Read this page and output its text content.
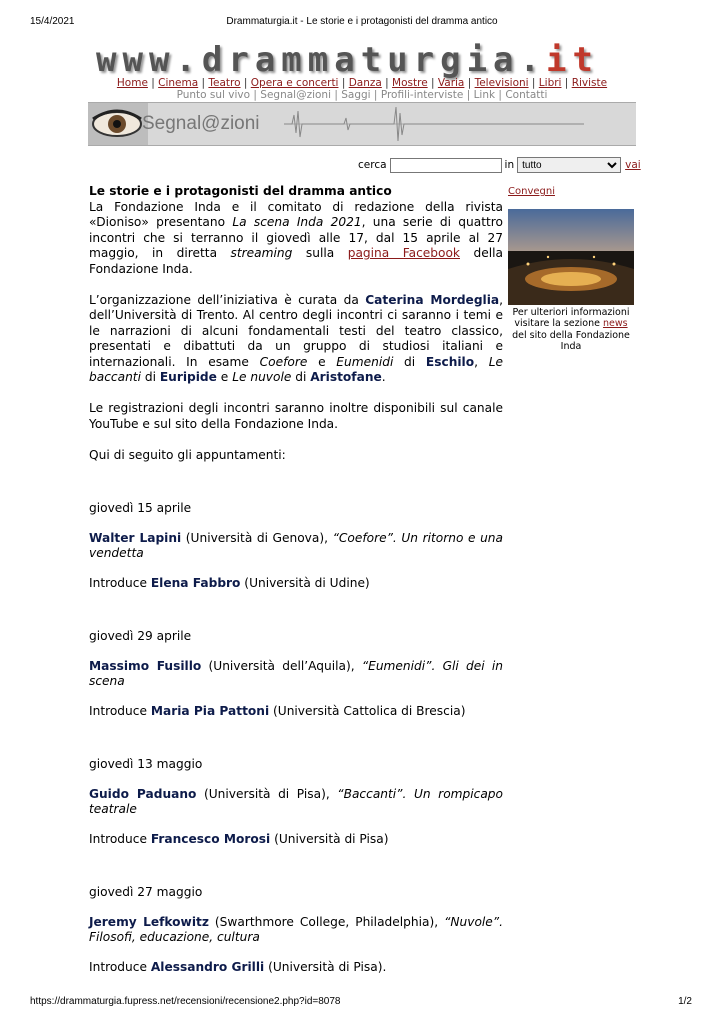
15/4/2021	Drammaturgia.it - Le storie e i protagonisti del dramma antico
www.drammaturgia.it
Home | Cinema | Teatro | Opera e concerti | Danza | Mostre | Varia | Televisioni | Libri | Riviste
Punto sul vivo | Segnal@zioni | Saggi | Profili-interviste | Link | Contatti
Segnal@zioni
cerca	in
tutto	vai
Le storie e i protagonisti del dramma antico

La Fondazione Inda e il comitato di redazione della rivista «Dioniso» presentano La scena Inda 2021, una serie di quattro incontri che si terranno il giovedì alle 17, dal 15 aprile al 27 maggio, in diretta streaming sulla pagina Facebook della Fondazione Inda.

L’organizzazione dell’iniziativa è curata da Caterina Mordeglia, dell’Università di Trento. Al centro degli incontri ci saranno i temi e le narrazioni di alcuni fondamentali testi del teatro classico, presentati e dibattuti da un gruppo di studiosi italiani e internazionali. In esame Coefore e Eumenidi di Eschilo, Le baccanti di Euripide e Le nuvole di Aristofane.

Le registrazioni degli incontri saranno inoltre disponibili sul canale YouTube e sul sito della Fondazione Inda.

Qui di seguito gli appuntamenti:

giovedì 15 aprile

Walter Lapini (Università di Genova), “Coefore”. Un ritorno e una vendetta

Introduce Elena Fabbro (Università di Udine)

giovedì 29 aprile

Massimo Fusillo (Università dell’Aquila), “Eumenidi”. Gli dei in scena

Introduce Maria Pia Pattoni (Università Cattolica di Brescia)

giovedì 13 maggio

Guido Paduano (Università di Pisa), “Baccanti”. Un rompicapo teatrale

Introduce Francesco Morosi (Università di Pisa)

giovedì 27 maggio

Jeremy Lefkowitz (Swarthmore College, Philadelphia), “Nuvole”. Filosofi, educazione, cultura

Introduce Alessandro Grilli (Università di Pisa).

Convegni
Per ulteriori informazioni visitare la sezione news del sito della Fondazione Inda
https://drammaturgia.fupress.net/recensioni/recensione2.php?id=8078	1/2
